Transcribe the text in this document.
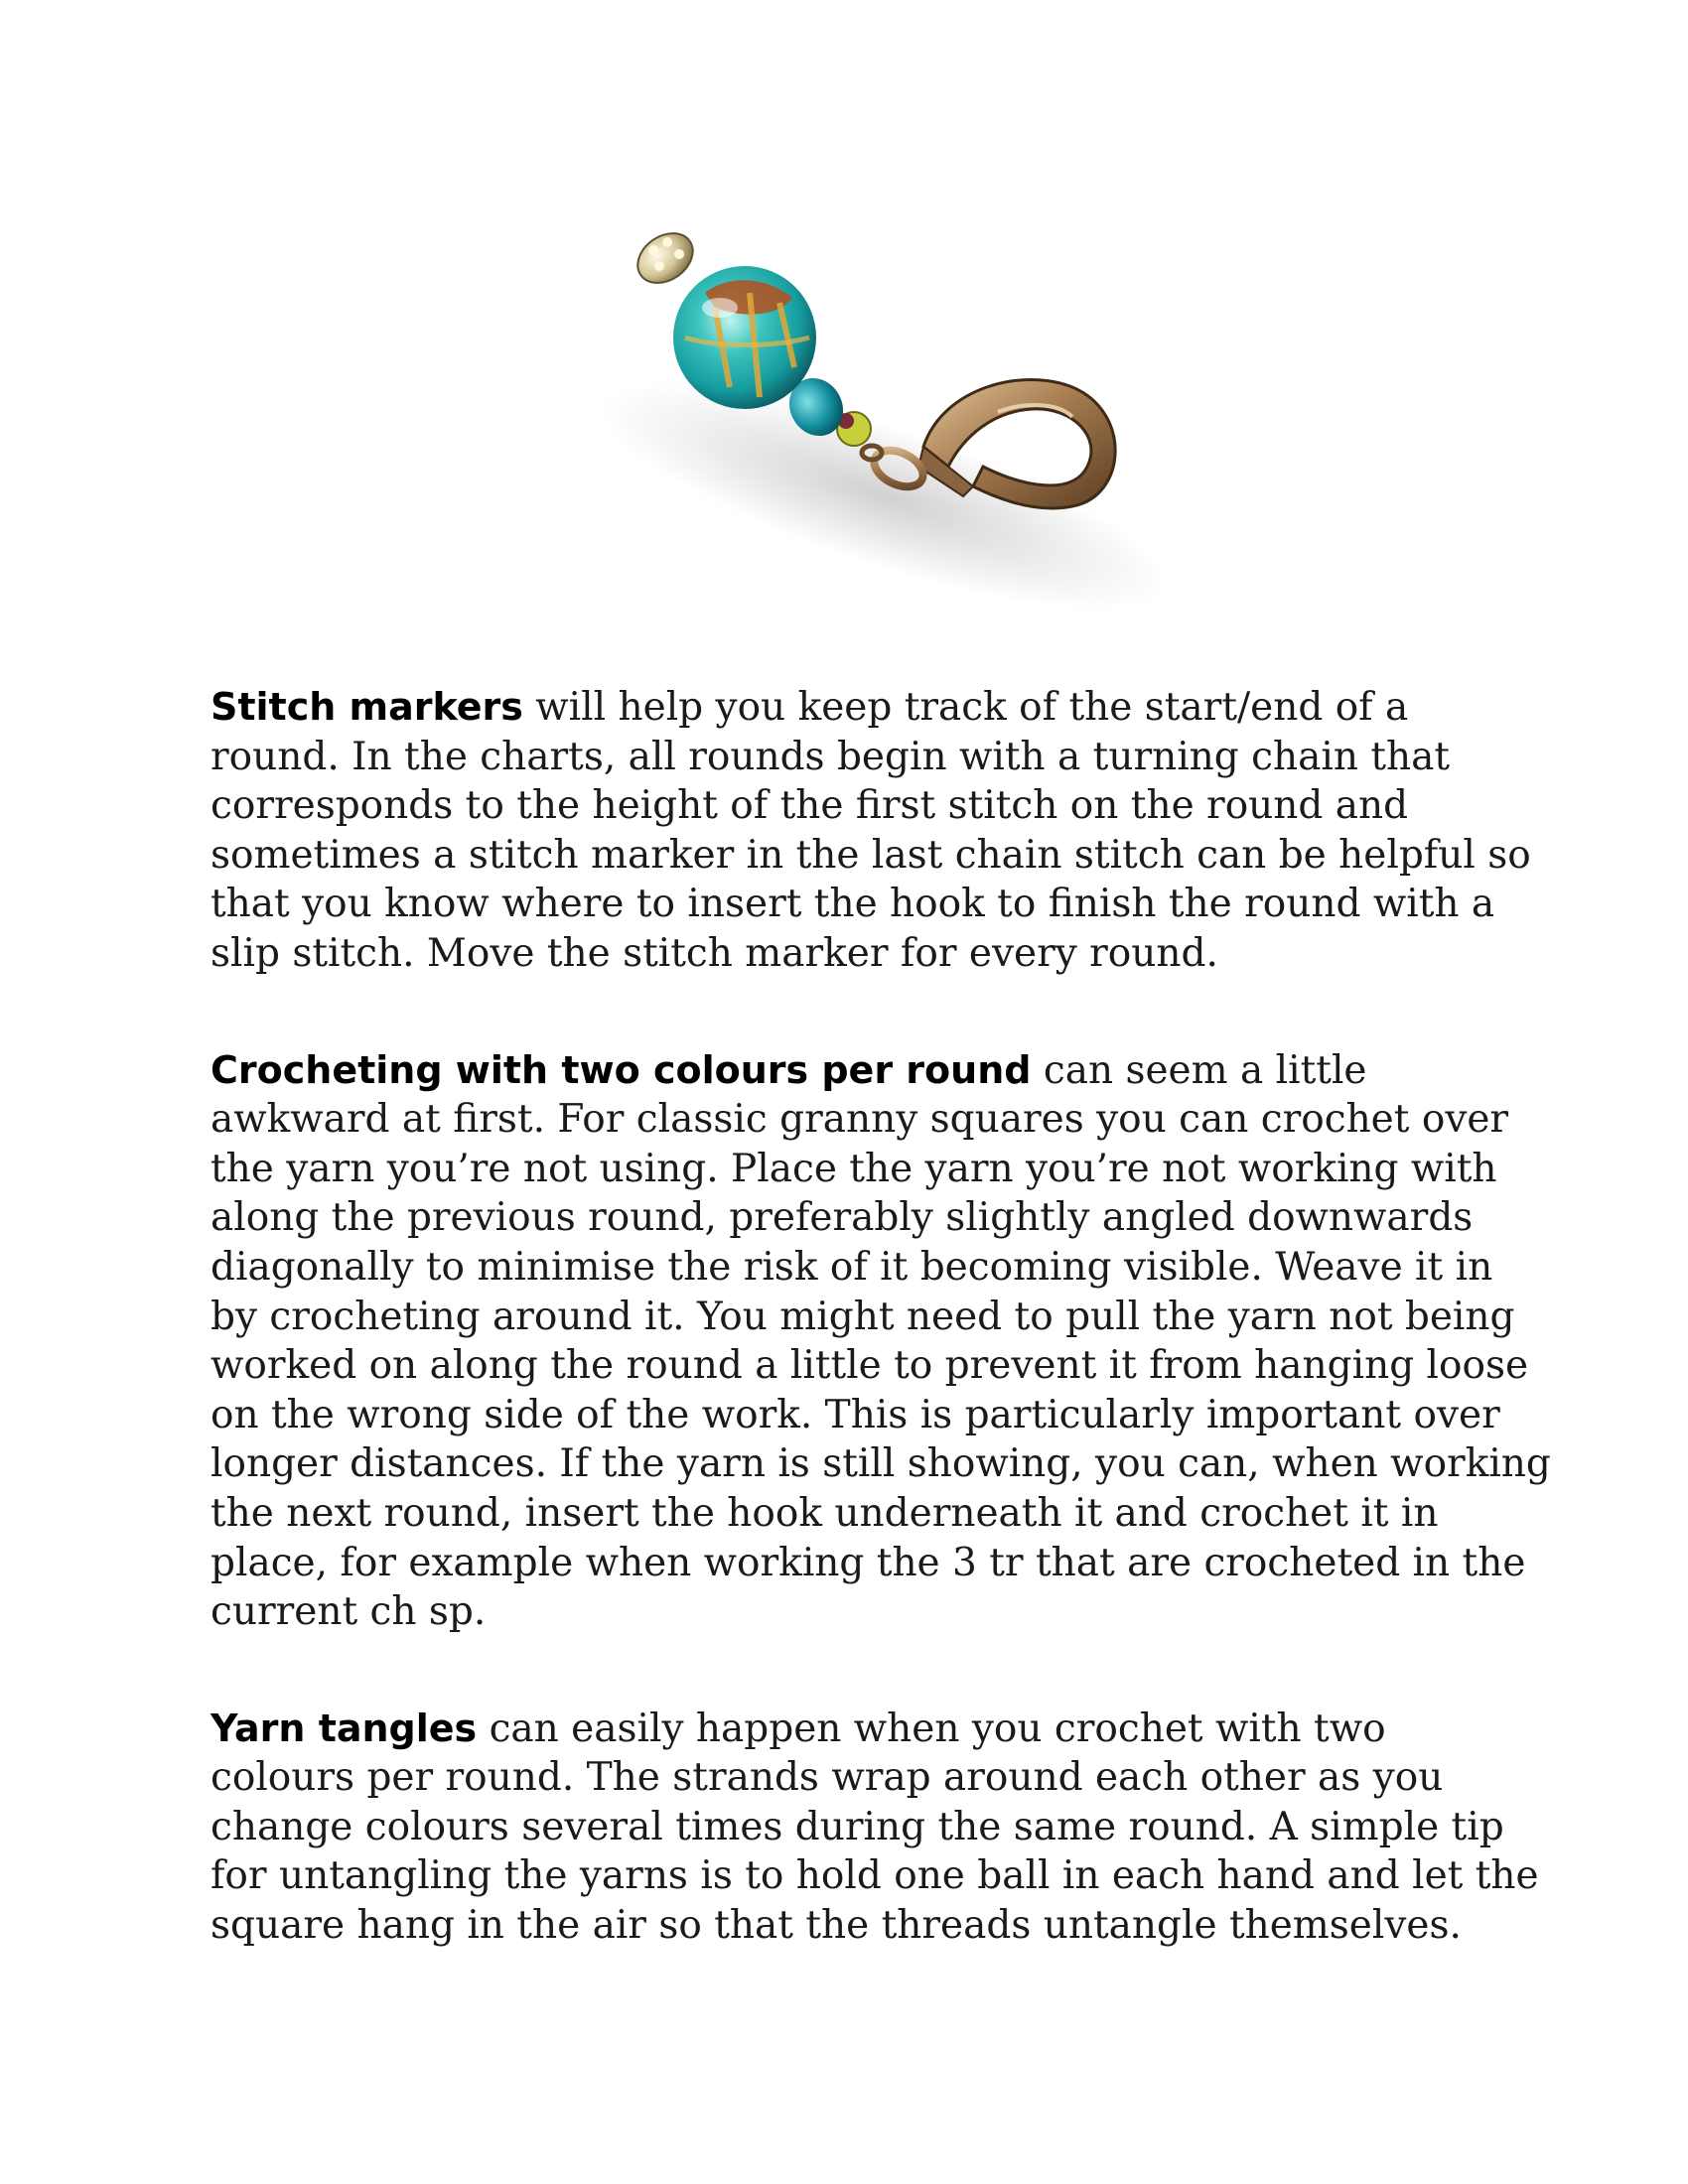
Stitch markers will help you keep track of the start/end of a
round. In the charts, all rounds begin with a turning chain that
corresponds to the height of the first stitch on the round and
sometimes a stitch marker in the last chain stitch can be helpful so
that you know where to insert the hook to finish the round with a
slip stitch. Move the stitch marker for every round.

Crocheting with two colours per round can seem a little
awkward at first. For classic granny squares you can crochet over
the yarn you’re not using. Place the yarn you’re not working with
along the previous round, preferably slightly angled downwards
diagonally to minimise the risk of it becoming visible. Weave it in
by crocheting around it. You might need to pull the yarn not being
worked on along the round a little to prevent it from hanging loose
on the wrong side of the work. This is particularly important over
longer distances. If the yarn is still showing, you can, when working
the next round, insert the hook underneath it and crochet it in
place, for example when working the 3 tr that are crocheted in the
current ch sp.

Yarn tangles can easily happen when you crochet with two
colours per round. The strands wrap around each other as you
change colours several times during the same round. A simple tip
for untangling the yarns is to hold one ball in each hand and let the
square hang in the air so that the threads untangle themselves.
